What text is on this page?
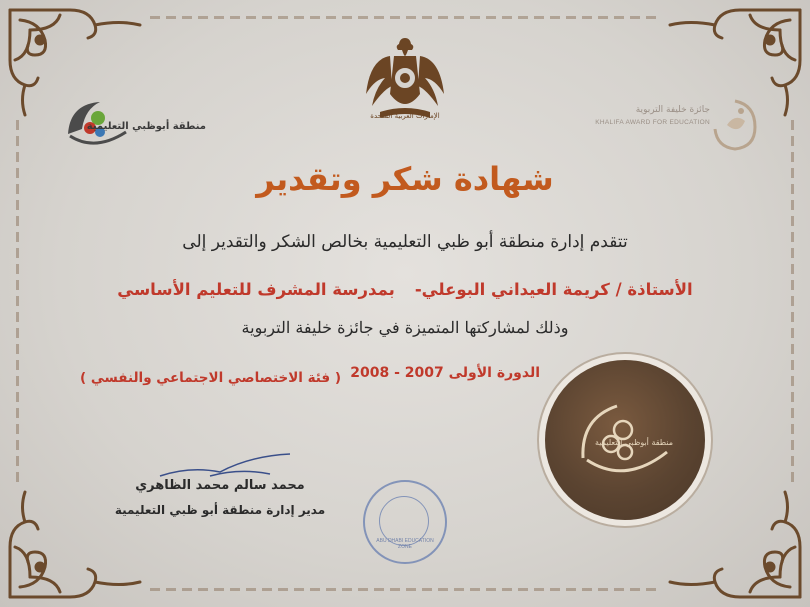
الإمارات العربية المتحدة
منطقة أبوظبي التعليمية
جائزة خليفة التربوية
KHALIFA AWARD FOR EDUCATION
شهادة شكر وتقدير
تتقدم إدارة منطقة أبو ظبي التعليمية بخالص الشكر والتقدير إلى
الأستاذة / كريمة العيداني البوعلي-بمدرسة المشرف للتعليم الأساسي
وذلك لمشاركتها المتميزة في جائزة خليفة التربوية
الدورة الأولى 2007 - 2008
( فئة الاختصاصي الاجتماعي والنفسي )
منطقة أبوظبي التعليمية
ABU DHABI EDUCATION ZONE
محمد سالم محمد الظاهري
مدير إدارة منطقة أبو ظبي التعليمية
